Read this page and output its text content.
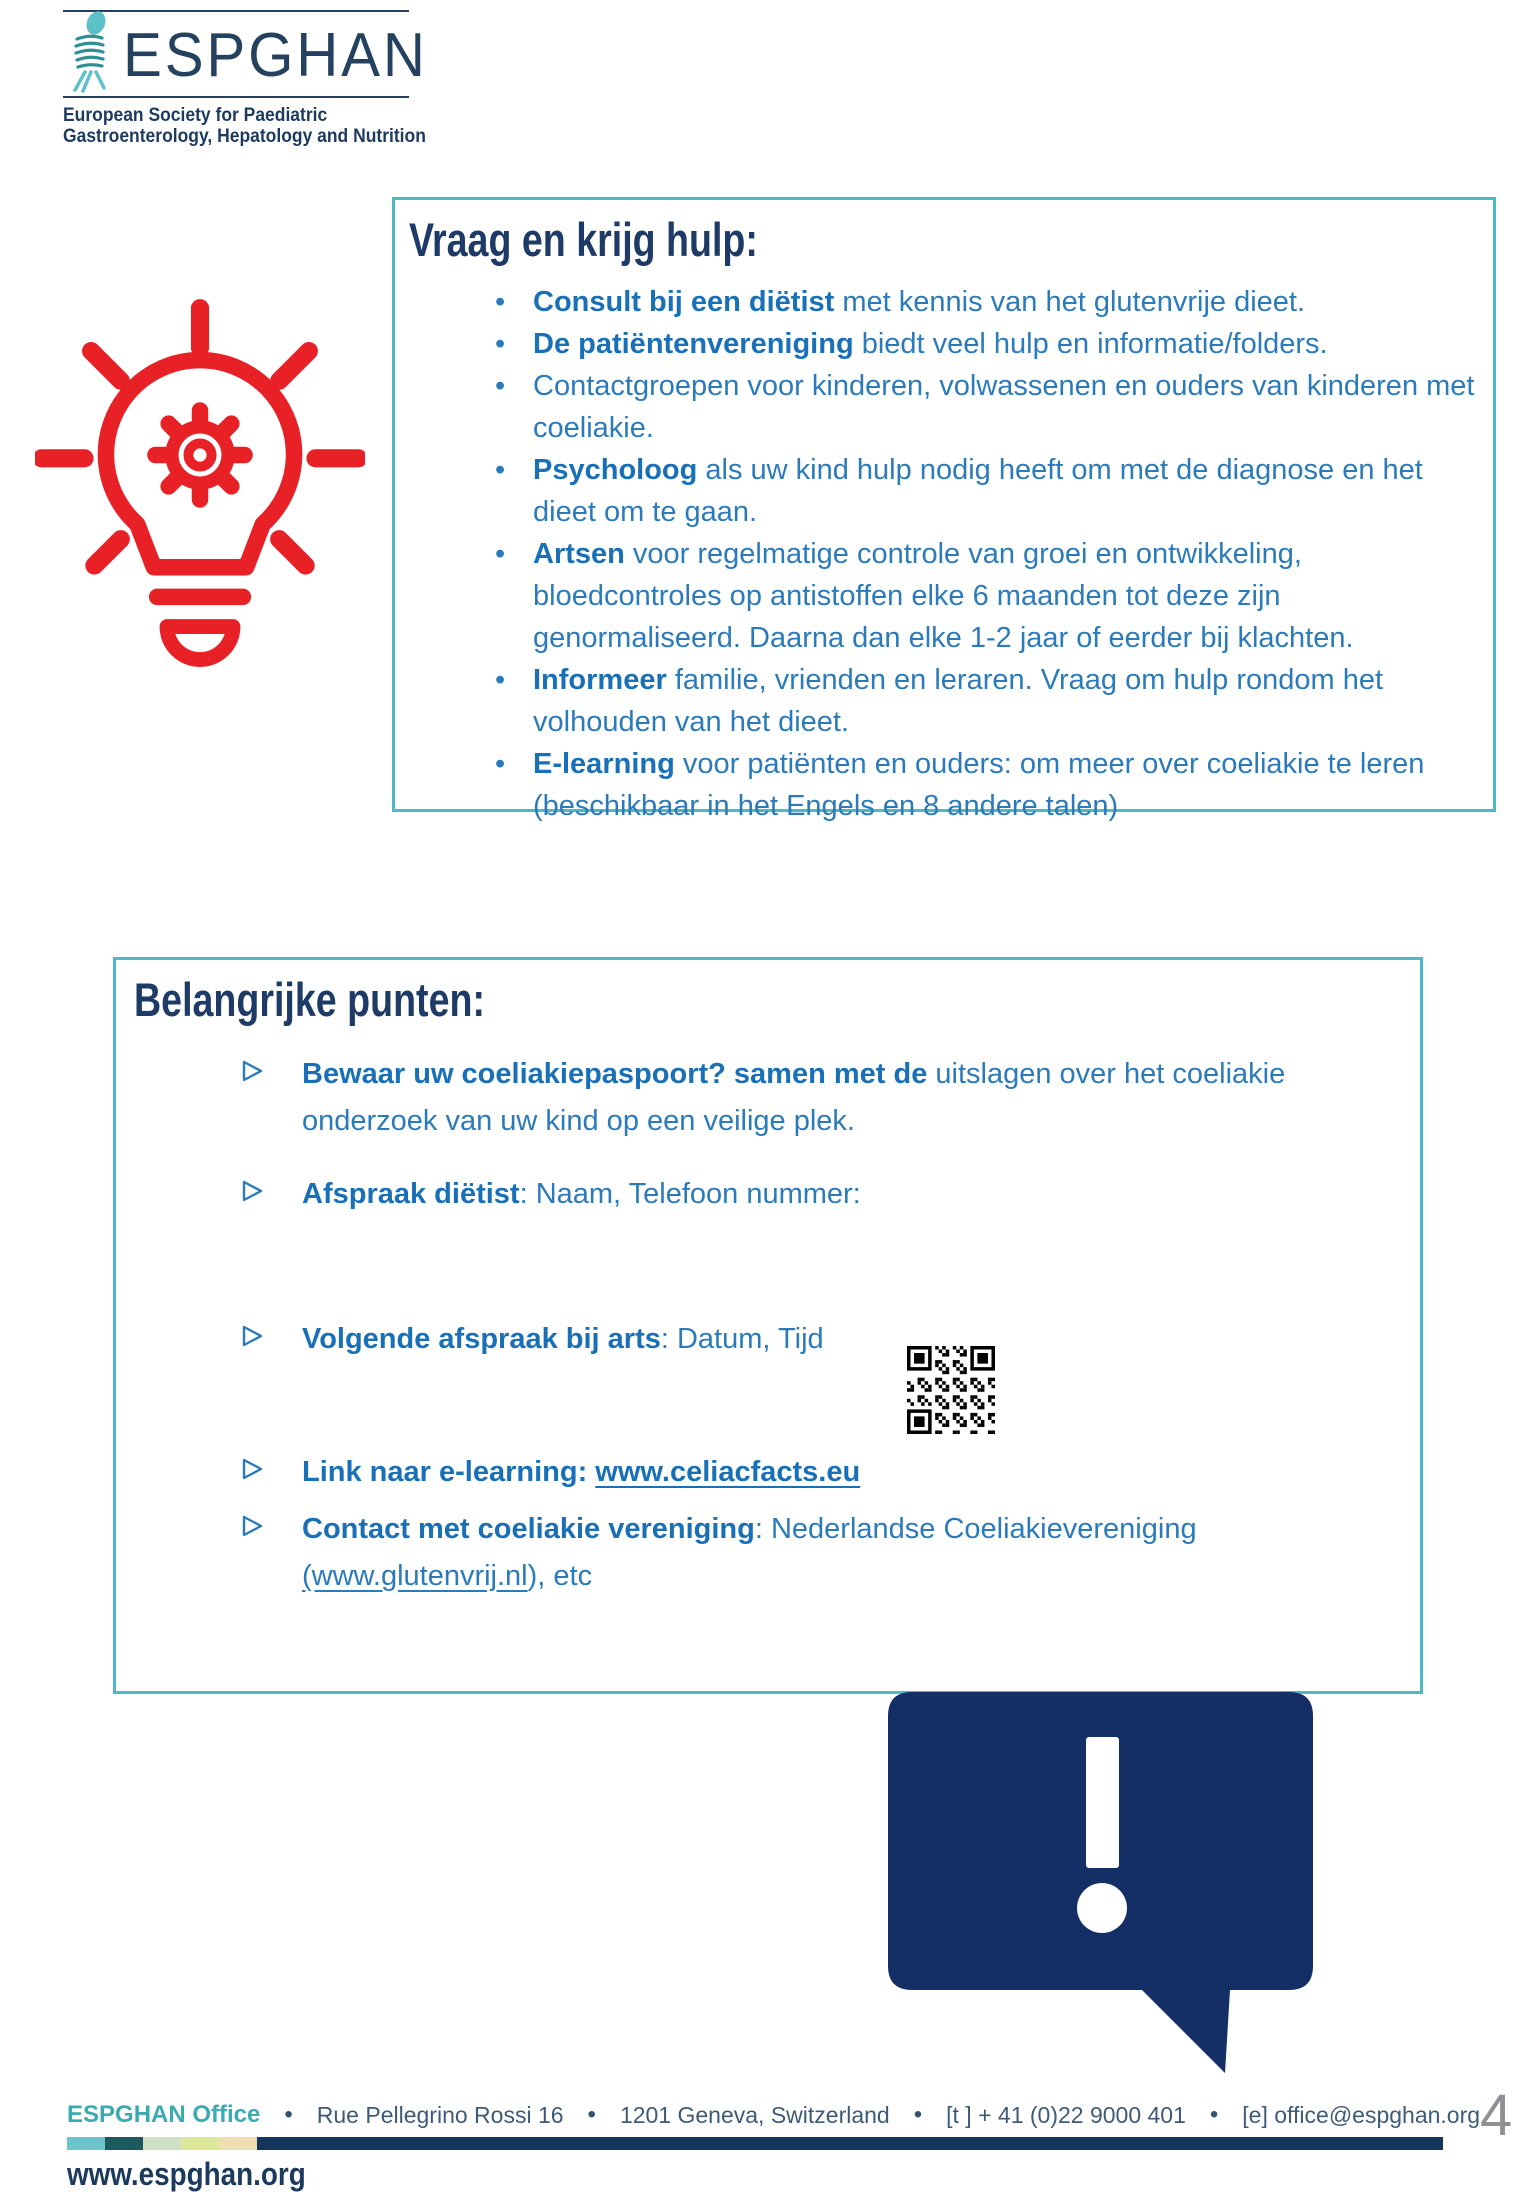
ESPGHAN
European Society for Paediatric
Gastroenterology, Hepatology and Nutrition
Vraag en krijg hulp:
• Consult bij een diëtist met kennis van het glutenvrije dieet.

• De patiëntenvereniging biedt veel hulp en informatie/folders.

• Contactgroepen voor kinderen, volwassenen en ouders van kinderen met coeliakie.

• Psycholoog als uw kind hulp nodig heeft om met de diagnose en het dieet om te gaan.

• Artsen voor regelmatige controle van groei en ontwikkeling, bloedcontroles op antistoffen elke 6 maanden tot deze zijn genormaliseerd. Daarna dan elke 1-2 jaar of eerder bij klachten.

• Informeer familie, vrienden en leraren. Vraag om hulp rondom het volhouden van het dieet.

• E-learning voor patiënten en ouders: om meer over coeliakie te leren (beschikbaar in het Engels en 8 andere talen)

Belangrijke punten:

Bewaar uw coeliakiepaspoort? samen met de uitslagen over het coeliakie onderzoek van uw kind op een veilige plek.

Afspraak diëtist: Naam, Telefoon nummer:

Volgende afspraak bij arts: Datum, Tijd

Link naar e-learning: www.celiacfacts.eu

Contact met coeliakie vereniging: Nederlandse Coeliakievereniging (www.glutenvrij.nl), etc

ESPGHAN Office • Rue Pellegrino Rossi 16 • 1201 Geneva, Switzerland • [t ] + 41 (0)22 9000 401 • [e] office@espghan.org 4
www.espghan.org
